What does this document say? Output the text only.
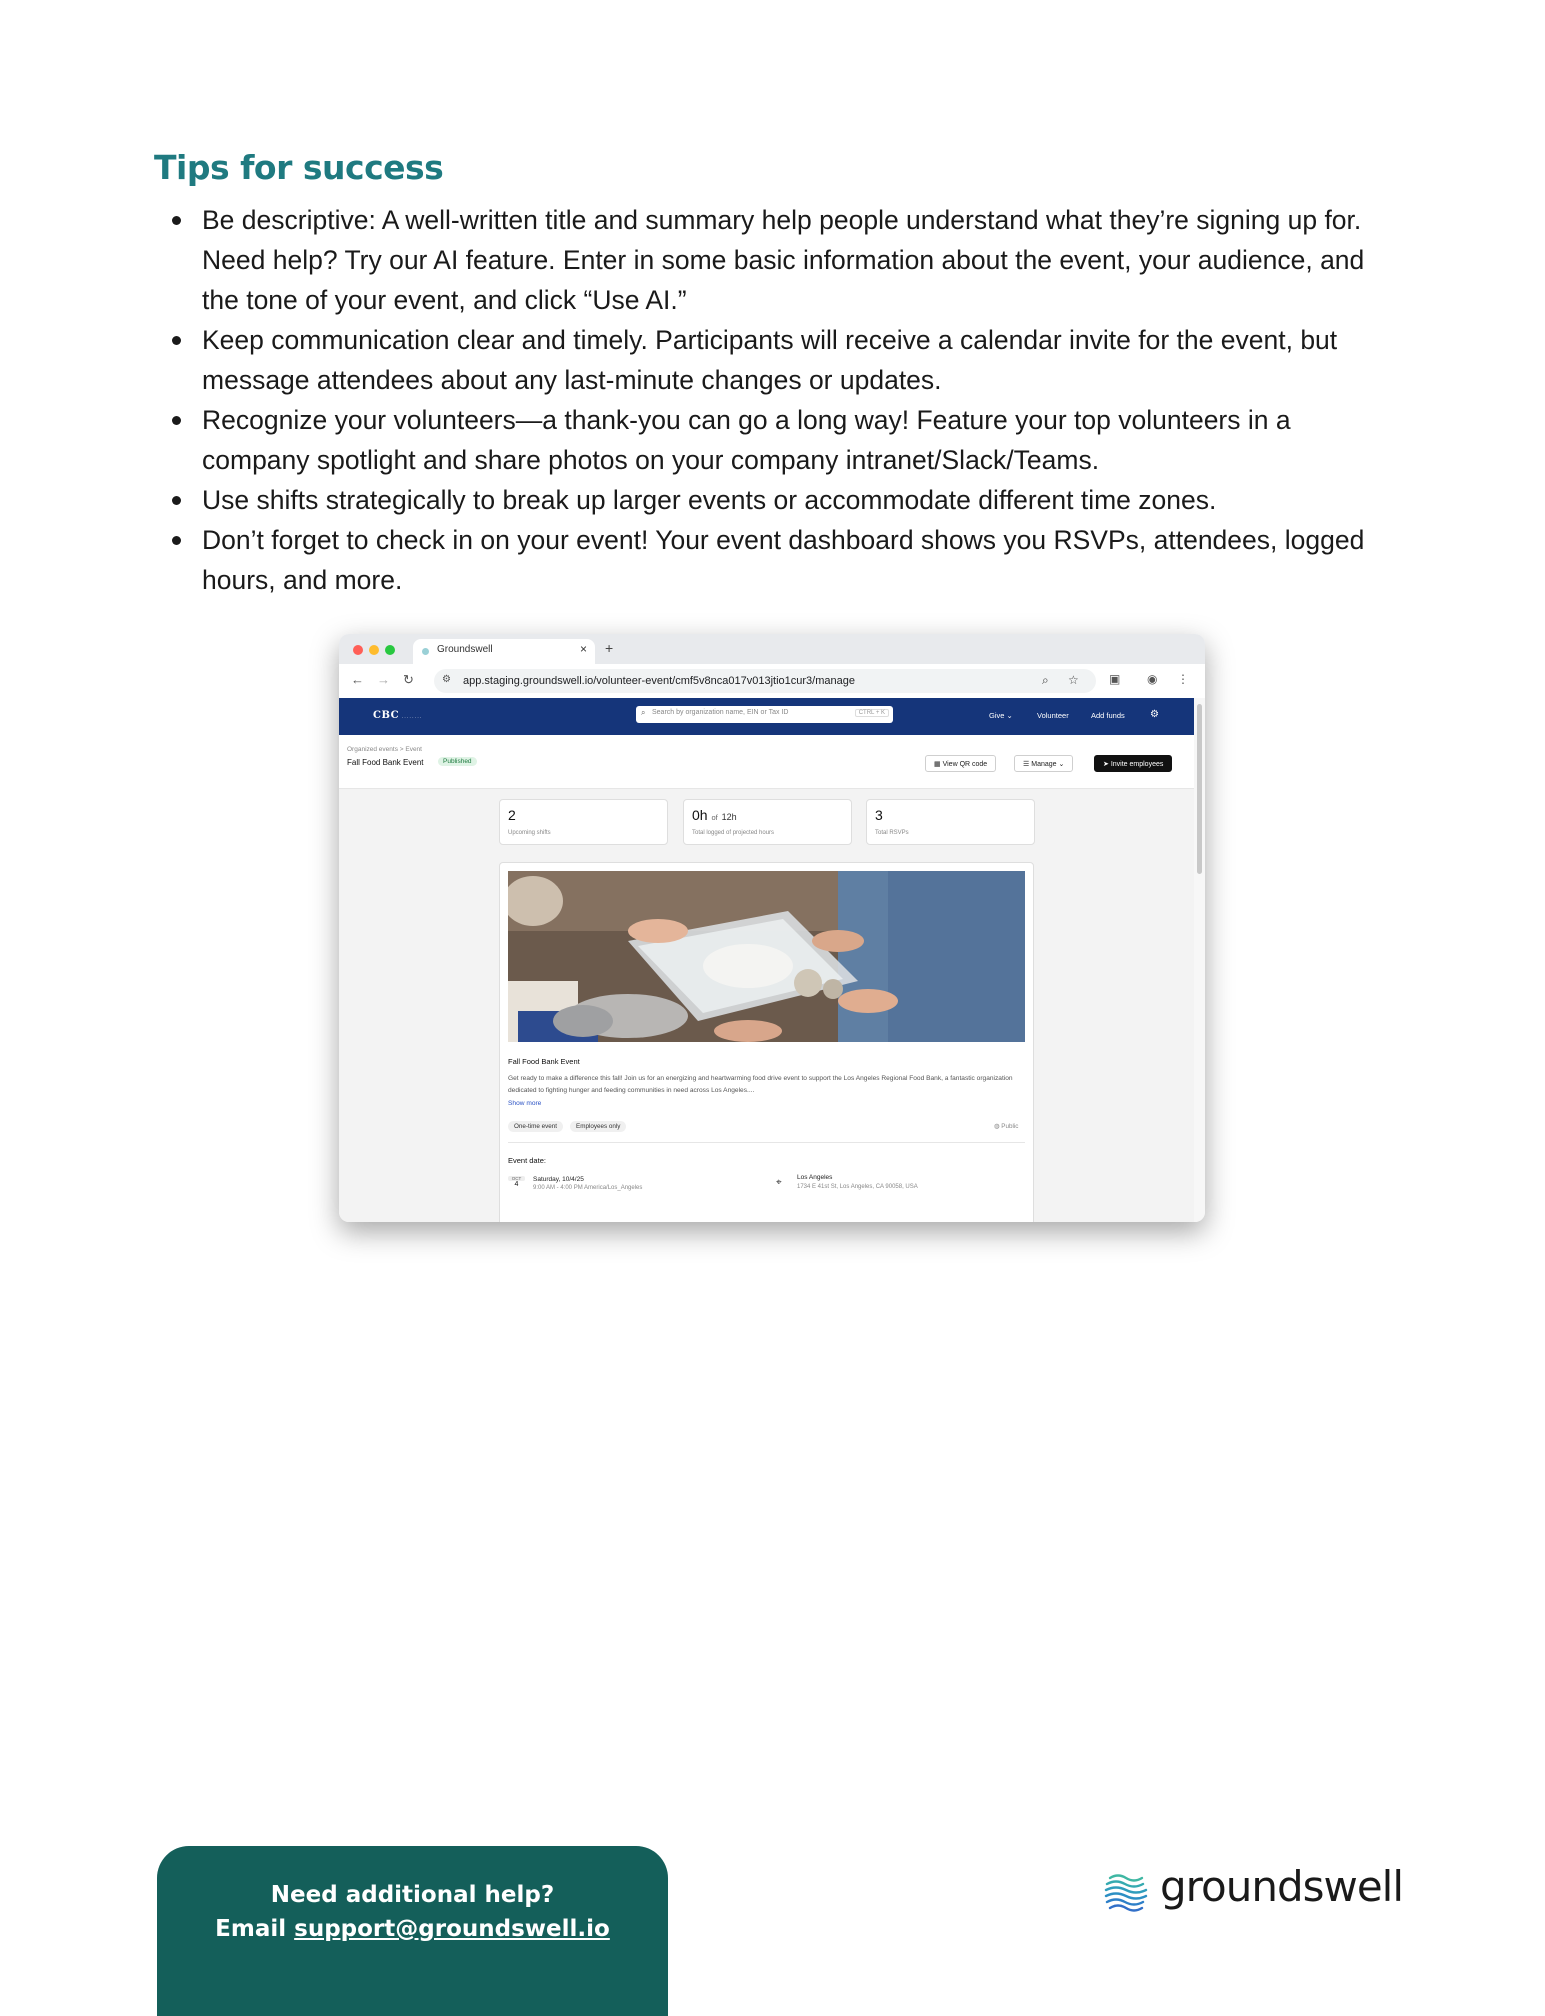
Tips for success
Be descriptive: A well-written title and summary help people understand what they’re signing up for. Need help? Try our AI feature. Enter in some basic information about the event, your audience, and the tone of your event, and click “Use AI.”
Keep communication clear and timely. Participants will receive a calendar invite for the event, but message attendees about any last-minute changes or updates.
Recognize your volunteers—a thank-you can go a long way! Feature your top volunteers in a company spotlight and share photos on your company intranet/Slack/Teams.
Use shifts strategically to break up larger events or accommodate different time zones.
Don’t forget to check in on your event! Your event dashboard shows you RSVPs, attendees, logged hours, and more.
Groundswell	× +
← → ↻	⚙ app.staging.groundswell.io/volunteer-event/cmf5v8nca017v013jtio1cur3/manage	⌕ ☆	▣ ◉ ⋮
CBC ........	⌕ Search by organization name, EIN or Tax ID	CTRL + K	Give ⌄	Volunteer	Add funds	⚙
Organized events > Event
Fall Food Bank Event	Published	▦ View QR code	☰ Manage ⌄	➤ Invite employees
2
Upcoming shifts
0h of 12h
Total logged of projected hours
3
Total RSVPs
Fall Food Bank Event
Get ready to make a difference this fall! Join us for an energizing and heartwarming food drive event to support the Los Angeles Regional Food Bank, a fantastic organization dedicated to fighting hunger and feeding communities in need across Los Angeles....
Show more
One-time event	Employees only	◍ Public
Event date:
OCT
4
Saturday, 10/4/25
9:00 AM - 4:00 PM America/Los_Angeles	⌖ Los Angeles
1734 E 41st St, Los Angeles, CA 90058, USA
Need additional help?
Email support@groundswell.io
groundswell
